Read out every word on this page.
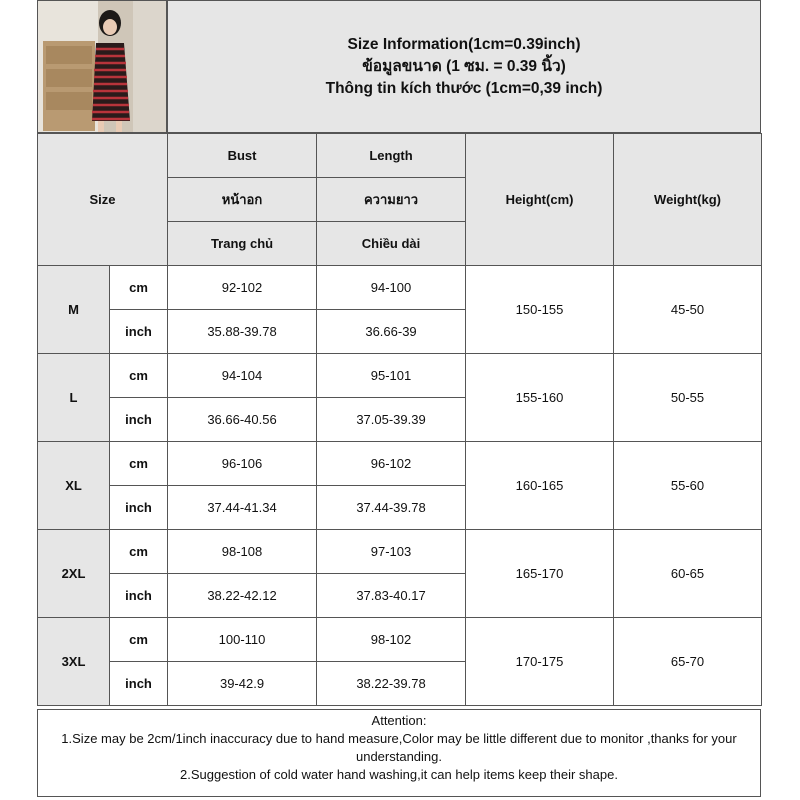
Size Information(1cm=0.39inch)
ข้อมูลขนาด (1 ซม. = 0.39 นิ้ว)
Thông tin kích thước (1cm=0,39 inch)
Size		Bust	Length	Height(cm)	Weight(kg)
		หน้าอก	ความยาว		
		Trang chủ	Chiều dài		
M	cm	92-102	94-100	150-155	45-50
	inch	35.88-39.78	36.66-39		
L	cm	94-104	95-101	155-160	50-55
	inch	36.66-40.56	37.05-39.39		
XL	cm	96-106	96-102	160-165	55-60
	inch	37.44-41.34	37.44-39.78		
2XL	cm	98-108	97-103	165-170	60-65
	inch	38.22-42.12	37.83-40.17		
3XL	cm	100-110	98-102	170-175	65-70
	inch	39-42.9	38.22-39.78		
Attention:
1.Size may be 2cm/1inch inaccuracy due to hand measure,Color may be little different due to monitor ,thanks for your understanding.
2.Suggestion of cold water hand washing,it can help items keep their shape.
